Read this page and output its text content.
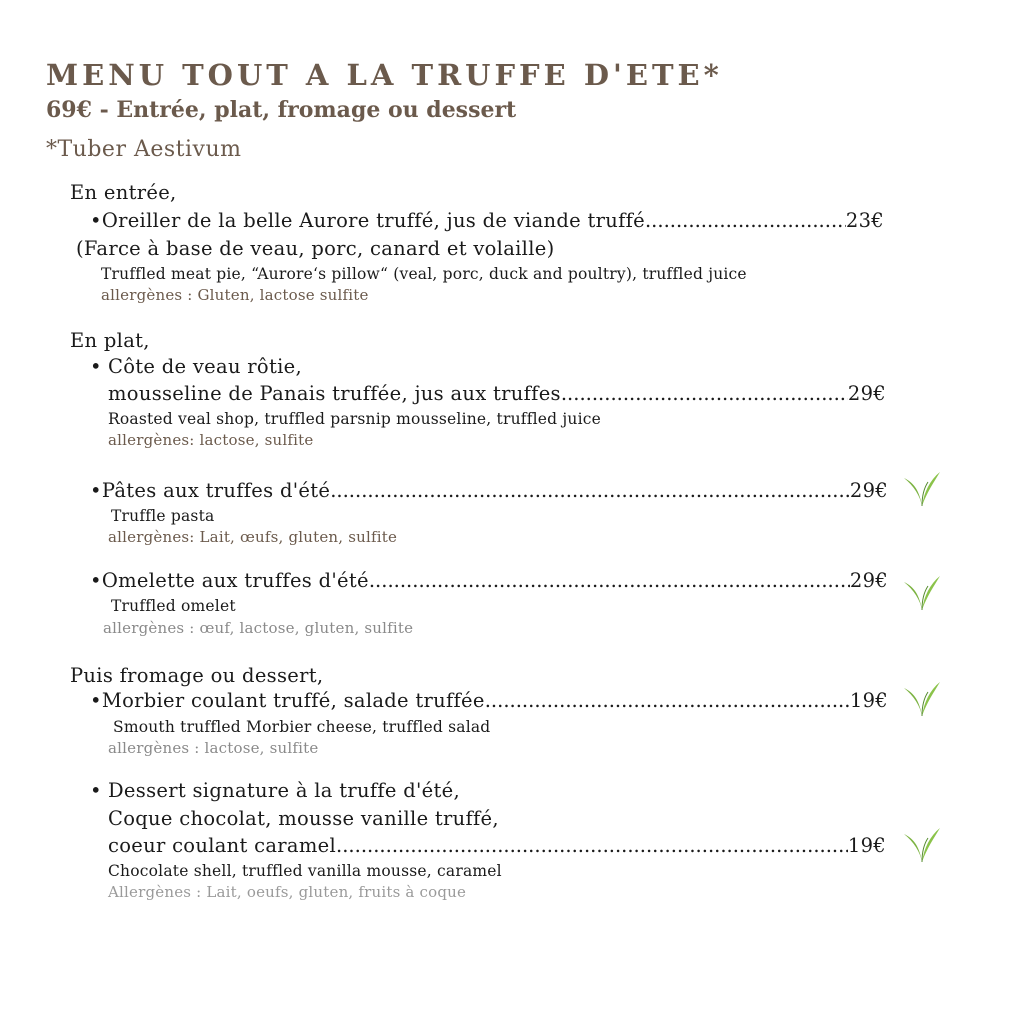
MENU TOUT A LA TRUFFE D'ETE*
69€ - Entrée, plat, fromage ou dessert
*Tuber Aestivum
En entrée,
• Oreiller de la belle Aurore truffé, jus de viande truffé .....	23€
(Farce à base de veau, porc, canard et volaille)
Truffled meat pie, “Aurore‘s pillow“ (veal, porc, duck and poultry), truffled juice
allergènes : Gluten, lactose sulfite
En plat,
• Côte de veau rôtie,
mousseline de Panais truffée, jus aux truffes .....	29€
Roasted veal shop, truffled parsnip mousseline, truffled juice
allergènes: lactose, sulfite
• Pâtes aux truffes d'été .....	29€
Truffle pasta
allergènes: Lait, œufs, gluten, sulfite
• Omelette aux truffes d'été .....	29€
Truffled omelet
allergènes : œuf, lactose, gluten, sulfite
Puis fromage ou dessert,
• Morbier coulant truffé, salade truffée .....	19€
Smouth truffled Morbier cheese, truffled salad
allergènes : lactose, sulfite
• Dessert signature à la truffe d'été,
Coque chocolat, mousse vanille truffé,
coeur coulant caramel .....	19€
Chocolate shell, truffled vanilla mousse, caramel
Allergènes : Lait, oeufs, gluten, fruits à coque
